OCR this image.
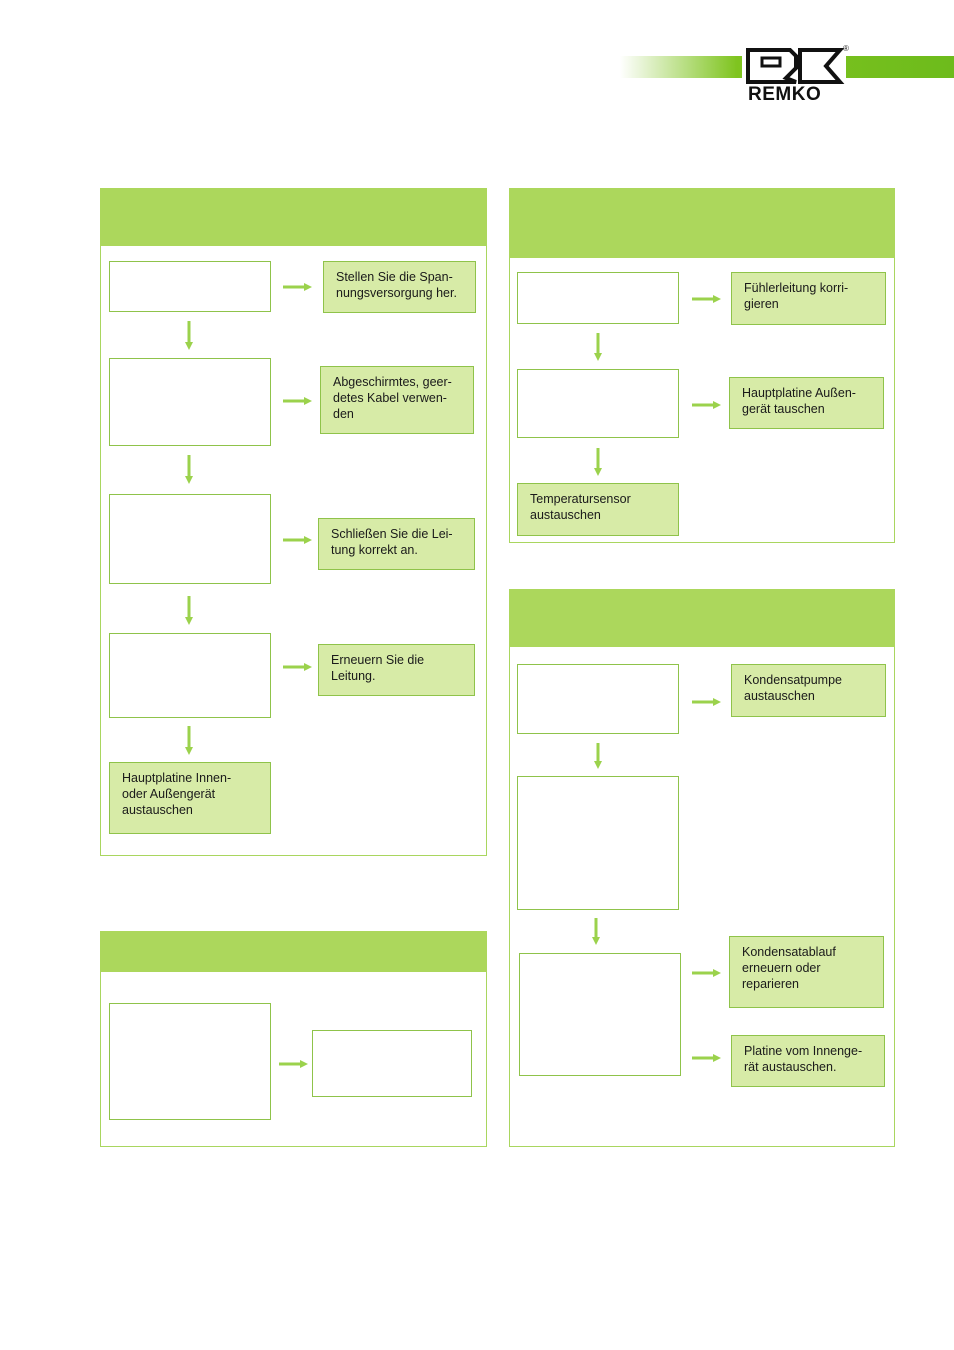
REMKO
®
Stellen Sie die Span-
nungsversorgung her.
Abgeschirmtes, geer-
detes Kabel verwen-
den
Schließen Sie die Lei-
tung korrekt an.
Erneuern Sie die
Leitung.
Hauptplatine Innen-
oder Außengerät
austauschen
Fühlerleitung korri-
gieren
Hauptplatine Außen-
gerät tauschen
Temperatursensor
austauschen
Kondensatpumpe
austauschen
Kondensatablauf
erneuern oder
reparieren
Platine vom Innenge-
rät austauschen.
